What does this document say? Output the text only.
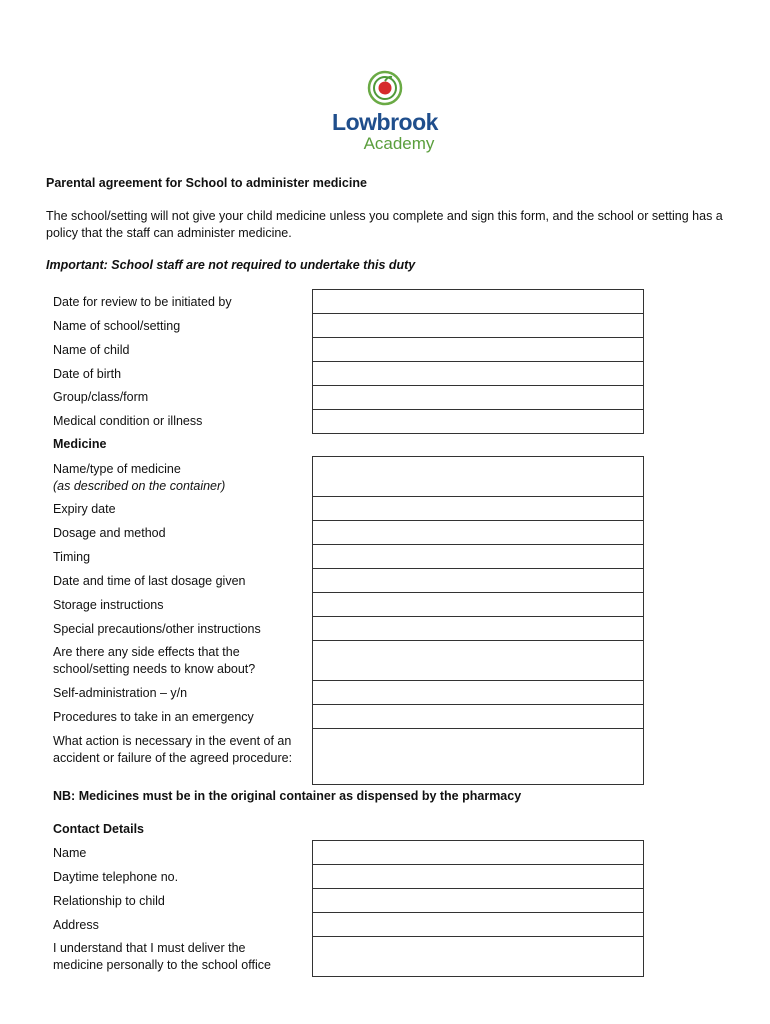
Lowbrook
Academy
Parental agreement for School to administer medicine
The school/setting will not give your child medicine unless you complete and sign this form, and the school or setting has a policy that the staff can administer medicine.
Important: School staff are not required to undertake this duty
Date for review to be initiated by
Name of school/setting
Name of child
Date of birth
Group/class/form
Medical condition or illness
Medicine
Name/type of medicine
(as described on the container)
Expiry date
Dosage and method
Timing
Date and time of last dosage given
Storage instructions
Special precautions/other instructions
Are there any side effects that the school/setting needs to know about?
Self-administration – y/n
Procedures to take in an emergency
What action is necessary in the event of an accident or failure of the agreed procedure:
NB: Medicines must be in the original container as dispensed by the pharmacy
Contact Details
Name
Daytime telephone no.
Relationship to child
Address
I understand that I must deliver the medicine personally to the school office
